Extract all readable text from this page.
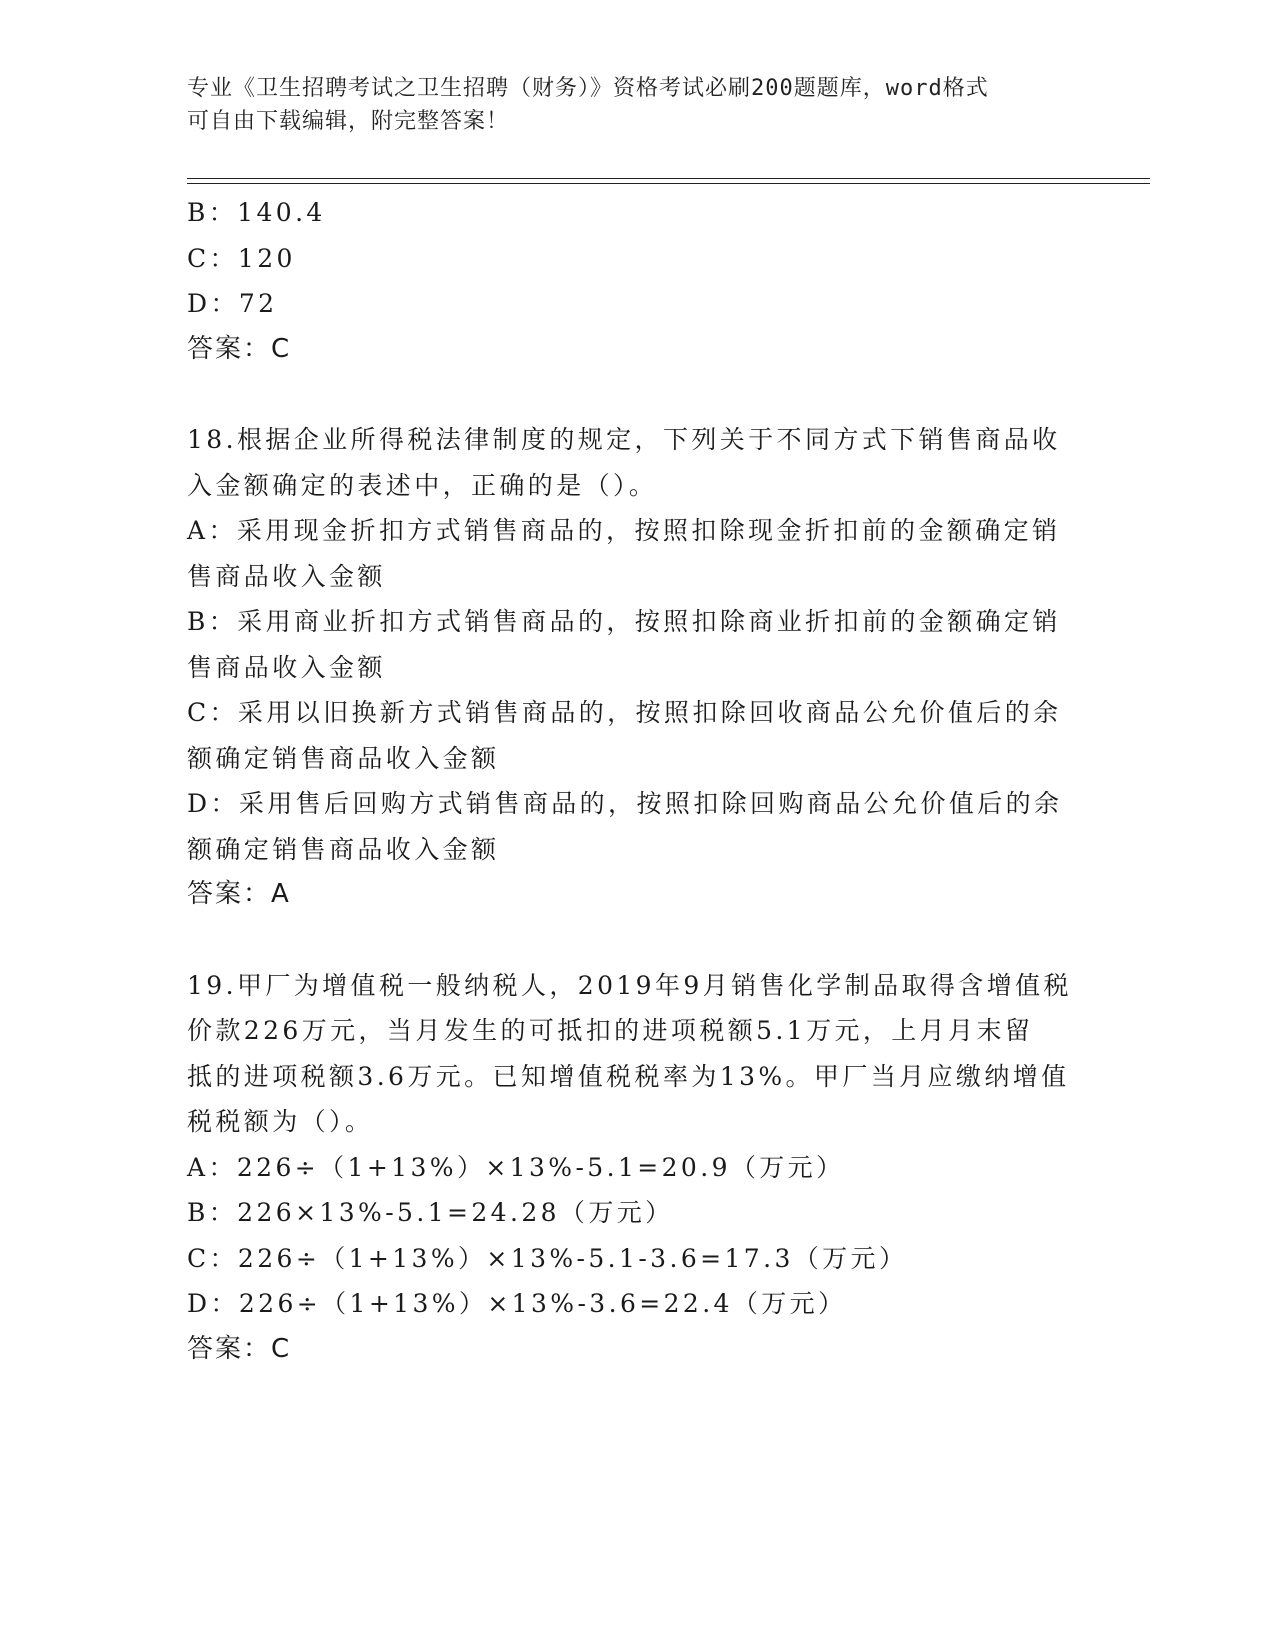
专业《卫生招聘考试之卫生招聘（财务）》资格考试必刷200题题库，word格式
可自由下载编辑，附完整答案！
B：140.4
C：120
D：72
答案：C
18.根据企业所得税法律制度的规定，下列关于不同方式下销售商品收
入金额确定的表述中，正确的是（）。
A：采用现金折扣方式销售商品的，按照扣除现金折扣前的金额确定销
售商品收入金额
B：采用商业折扣方式销售商品的，按照扣除商业折扣前的金额确定销
售商品收入金额
C：采用以旧换新方式销售商品的，按照扣除回收商品公允价值后的余
额确定销售商品收入金额
D：采用售后回购方式销售商品的，按照扣除回购商品公允价值后的余
额确定销售商品收入金额
答案：A
19.甲厂为增值税一般纳税人，2019年9月销售化学制品取得含增值税
价款226万元，当月发生的可抵扣的进项税额5.1万元，上月月末留
抵的进项税额3.6万元。已知增值税税率为13%。甲厂当月应缴纳增值
税税额为（）。
A：226÷（1+13%）×13%-5.1=20.9（万元）
B：226×13%-5.1=24.28（万元）
C：226÷（1+13%）×13%-5.1-3.6=17.3（万元）
D：226÷（1+13%）×13%-3.6=22.4（万元）
答案：C
